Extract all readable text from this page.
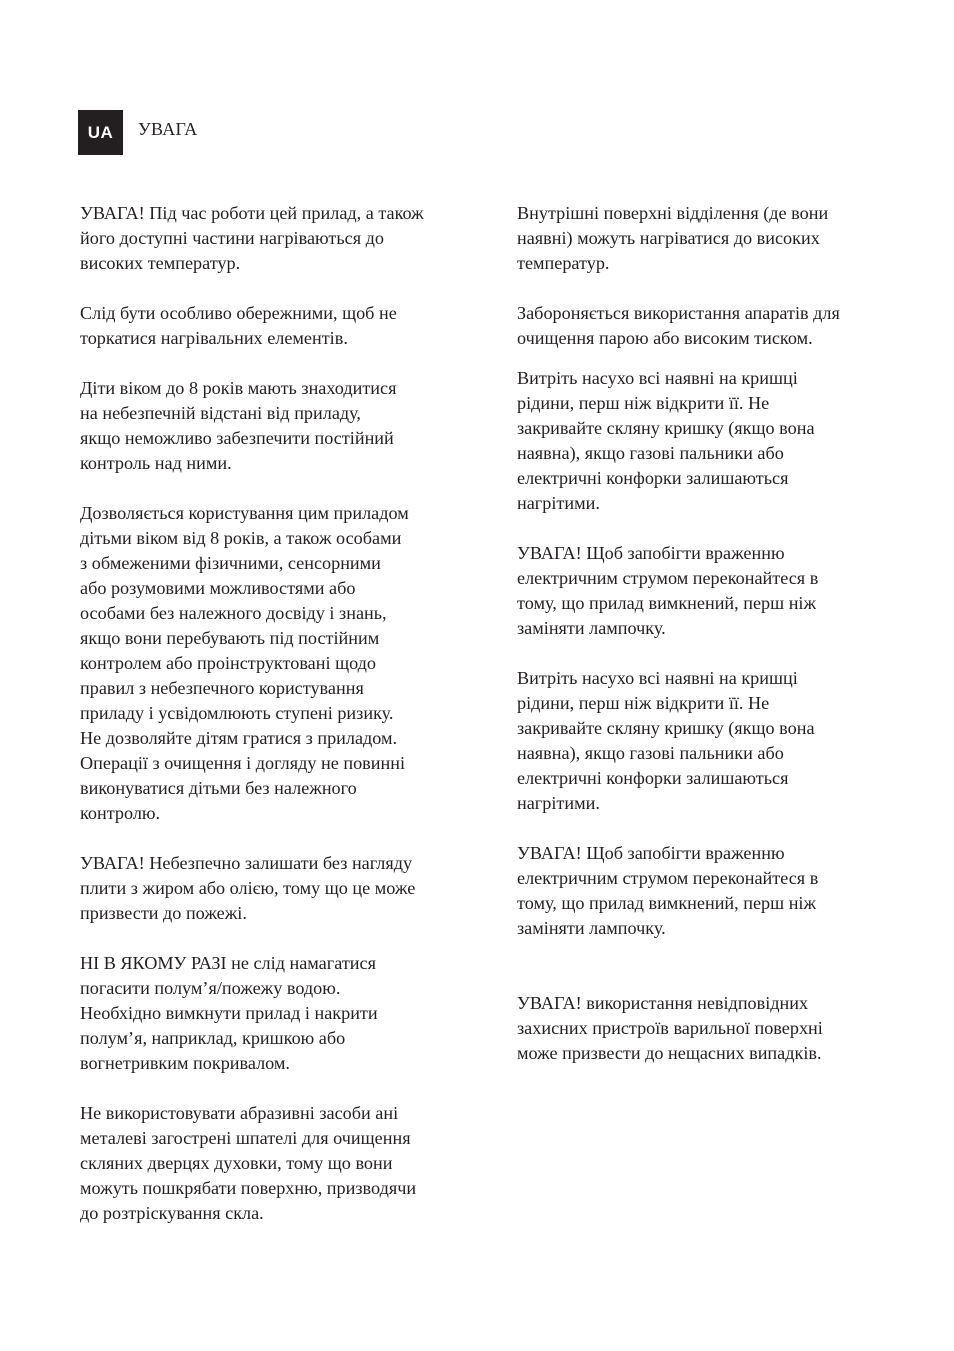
UA	УВАГА

УВАГА! Під час роботи цей прилад, а також
його доступні частини нагріваються до
високих температур.

Слід бути особливо обережними, щоб не
торкатися нагрівальних елементів.

Діти віком до 8 років мають знаходитися
на небезпечній відстані від приладу,
якщо неможливо забезпечити постійний
контроль над ними.

Дозволяється користування цим приладом
дітьми віком від 8 років, а також особами
з обмеженими фізичними, сенсорними
або розумовими можливостями або
особами без належного досвіду і знань,
якщо вони перебувають під постійним
контролем або проінструктовані щодо
правил з небезпечного користування
приладу і усвідомлюють ступені ризику.
Не дозволяйте дітям гратися з приладом.
Операції з очищення і догляду не повинні
виконуватися дітьми без належного
контролю.

УВАГА! Небезпечно залишати без нагляду
плити з жиром або олією, тому що це може
призвести до пожежі.

НІ В ЯКОМУ РАЗІ не слід намагатися
погасити полум’я/пожежу водою.
Необхідно вимкнути прилад і накрити
полум’я, наприклад, кришкою або
вогнетривким покривалом.

Не використовувати абразивні засоби ані
металеві загострені шпателі для очищення
скляних дверцях духовки, тому що вони
можуть пошкрябати поверхню, призводячи
до розтріскування скла.

Внутрішні поверхні відділення (де вони
наявні) можуть нагріватися до високих
температур.

Забороняється використання апаратів для
очищення парою або високим тиском.

Витріть насухо всі наявні на кришці
рідини, перш ніж відкрити її. Не
закривайте скляну кришку (якщо вона
наявна), якщо газові пальники або
електричні конфорки залишаються
нагрітими.

УВАГА! Щоб запобігти враженню
електричним струмом переконайтеся в
тому, що прилад вимкнений, перш ніж
заміняти лампочку.

Витріть насухо всі наявні на кришці
рідини, перш ніж відкрити її. Не
закривайте скляну кришку (якщо вона
наявна), якщо газові пальники або
електричні конфорки залишаються
нагрітими.

УВАГА! Щоб запобігти враженню
електричним струмом переконайтеся в
тому, що прилад вимкнений, перш ніж
заміняти лампочку.

УВАГА! використання невідповідних
захисних пристроїв варильної поверхні
може призвести до нещасних випадків.
